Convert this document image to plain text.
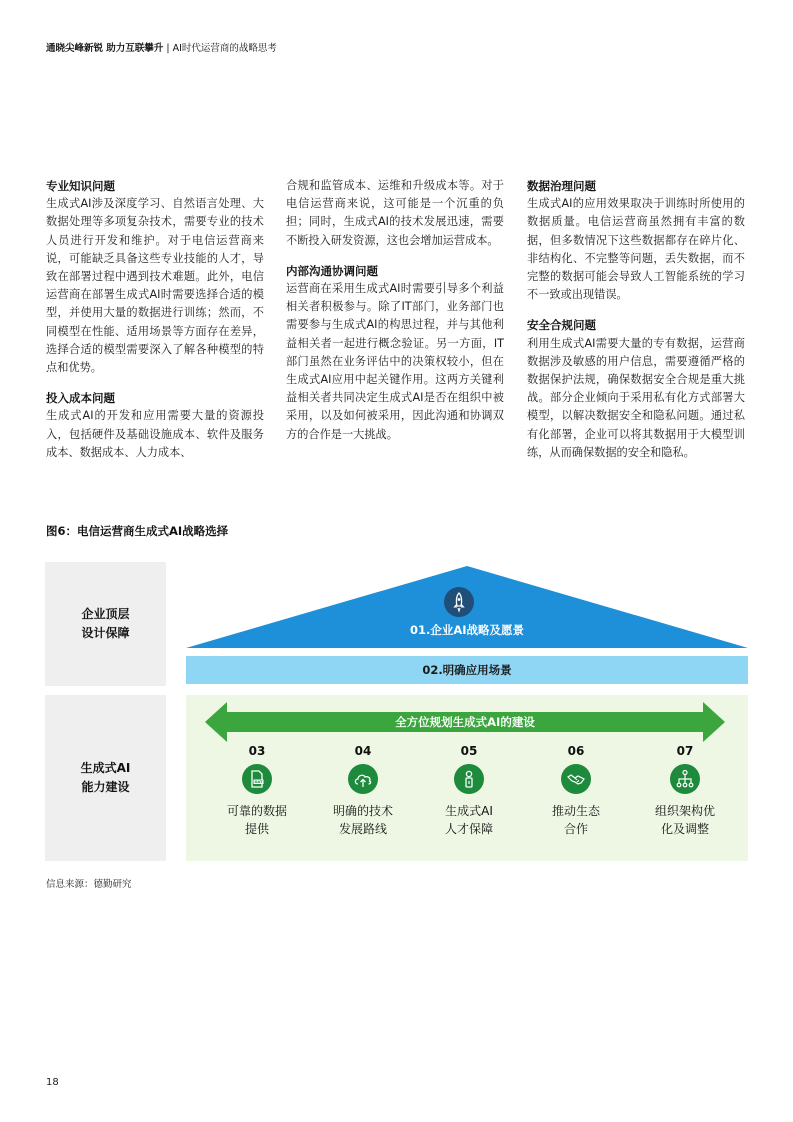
通晓尖峰新锐 助力互联攀升 | AI时代运营商的战略思考
专业知识问题

生成式AI涉及深度学习、自然语言处理、大数据处理等多项复杂技术，需要专业的技术人员进行开发和维护。对于电信运营商来说，可能缺乏具备这些专业技能的人才，导致在部署过程中遇到技术难题。此外，电信运营商在部署生成式AI时需要选择合适的模型，并使用大量的数据进行训练；然而，不同模型在性能、适用场景等方面存在差异，选择合适的模型需要深入了解各种模型的特点和优势。

投入成本问题

生成式AI的开发和应用需要大量的资源投入，包括硬件及基础设施成本、软件及服务成本、数据成本、人力成本、

合规和监管成本、运维和升级成本等。对于电信运营商来说，这可能是一个沉重的负担；同时，生成式AI的技术发展迅速，需要不断投入研发资源，这也会增加运营成本。

内部沟通协调问题

运营商在采用生成式AI时需要引导多个利益相关者积极参与。除了IT部门，业务部门也需要参与生成式AI的构思过程，并与其他利益相关者一起进行概念验证。另一方面，IT部门虽然在业务评估中的决策权较小，但在生成式AI应用中起关键作用。这两方关键利益相关者共同决定生成式AI是否在组织中被采用，以及如何被采用，因此沟通和协调双方的合作是一大挑战。

数据治理问题

生成式AI的应用效果取决于训练时所使用的数据质量。电信运营商虽然拥有丰富的数据，但多数情况下这些数据都存在碎片化、非结构化、不完整等问题，丢失数据，而不完整的数据可能会导致人工智能系统的学习不一致或出现错误。

安全合规问题

利用生成式AI需要大量的专有数据，运营商数据涉及敏感的用户信息，需要遵循严格的数据保护法规，确保数据安全合规是重大挑战。部分企业倾向于采用私有化方式部署大模型，以解决数据安全和隐私问题。通过私有化部署，企业可以将其数据用于大模型训练，从而确保数据的安全和隐私。

图6：电信运营商生成式AI战略选择
企业顶层
设计保障
生成式AI
能力建设
01.企业AI战略及愿景
02.明确应用场景
全方位规划生成式AI的建设
03
DAT
可靠的数据
提供
04
明确的技术
发展路线
05
生成式AI
人才保障
06
推动生态
合作
07
组织架构优
化及调整
信息来源：德勤研究
18
